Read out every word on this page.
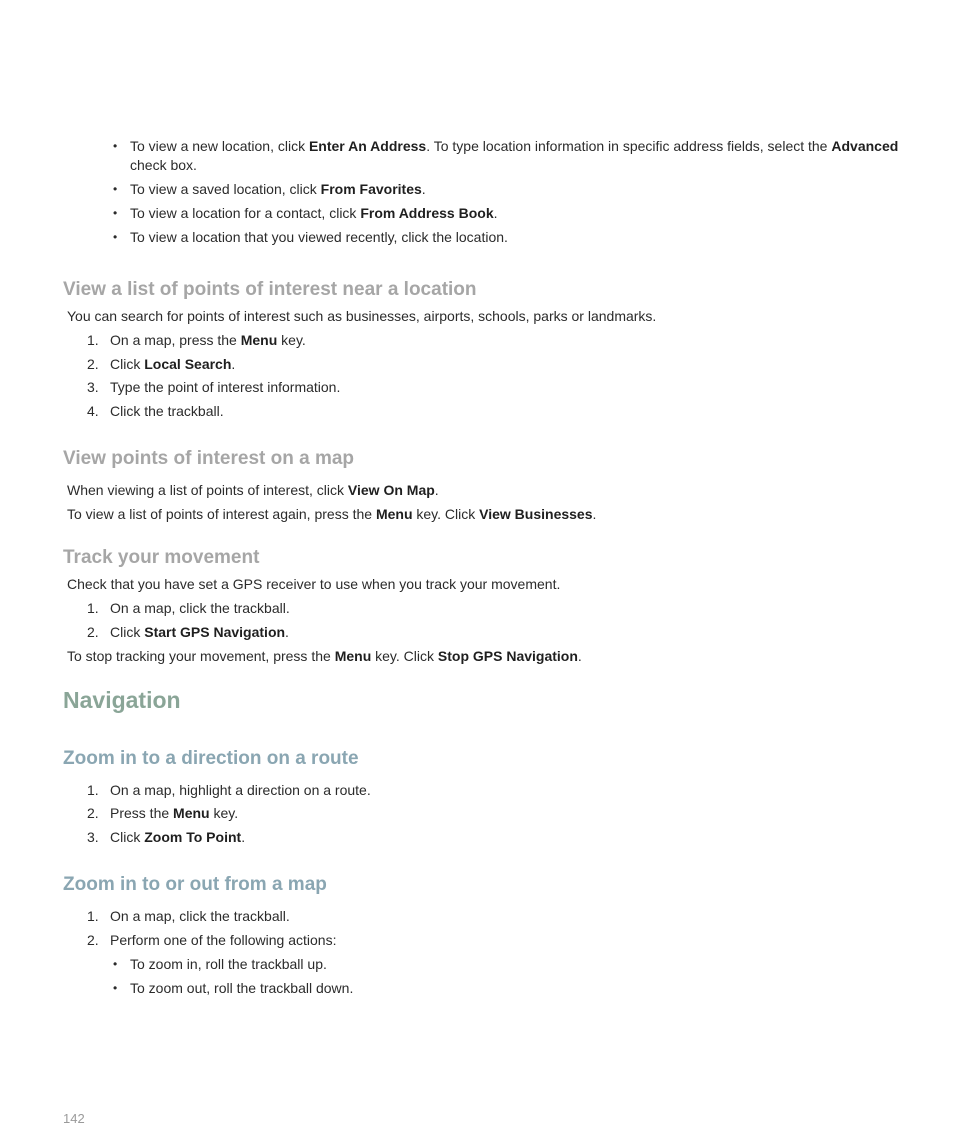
• To view a new location, click Enter An Address. To type location information in specific address fields, select the Advanced
check box.
• To view a saved location, click From Favorites.
• To view a location for a contact, click From Address Book.
• To view a location that you viewed recently, click the location.
View a list of points of interest near a location
You can search for points of interest such as businesses, airports, schools, parks or landmarks.
1. On a map, press the Menu key.
2. Click Local Search.
3. Type the point of interest information.
4. Click the trackball.
View points of interest on a map
When viewing a list of points of interest, click View On Map.
To view a list of points of interest again, press the Menu key. Click View Businesses.
Track your movement
Check that you have set a GPS receiver to use when you track your movement.
1. On a map, click the trackball.
2. Click Start GPS Navigation.
To stop tracking your movement, press the Menu key. Click Stop GPS Navigation.
Navigation
Zoom in to a direction on a route
1. On a map, highlight a direction on a route.
2. Press the Menu key.
3. Click Zoom To Point.
Zoom in to or out from a map
1. On a map, click the trackball.
2. Perform one of the following actions:
• To zoom in, roll the trackball up.
• To zoom out, roll the trackball down.
142
